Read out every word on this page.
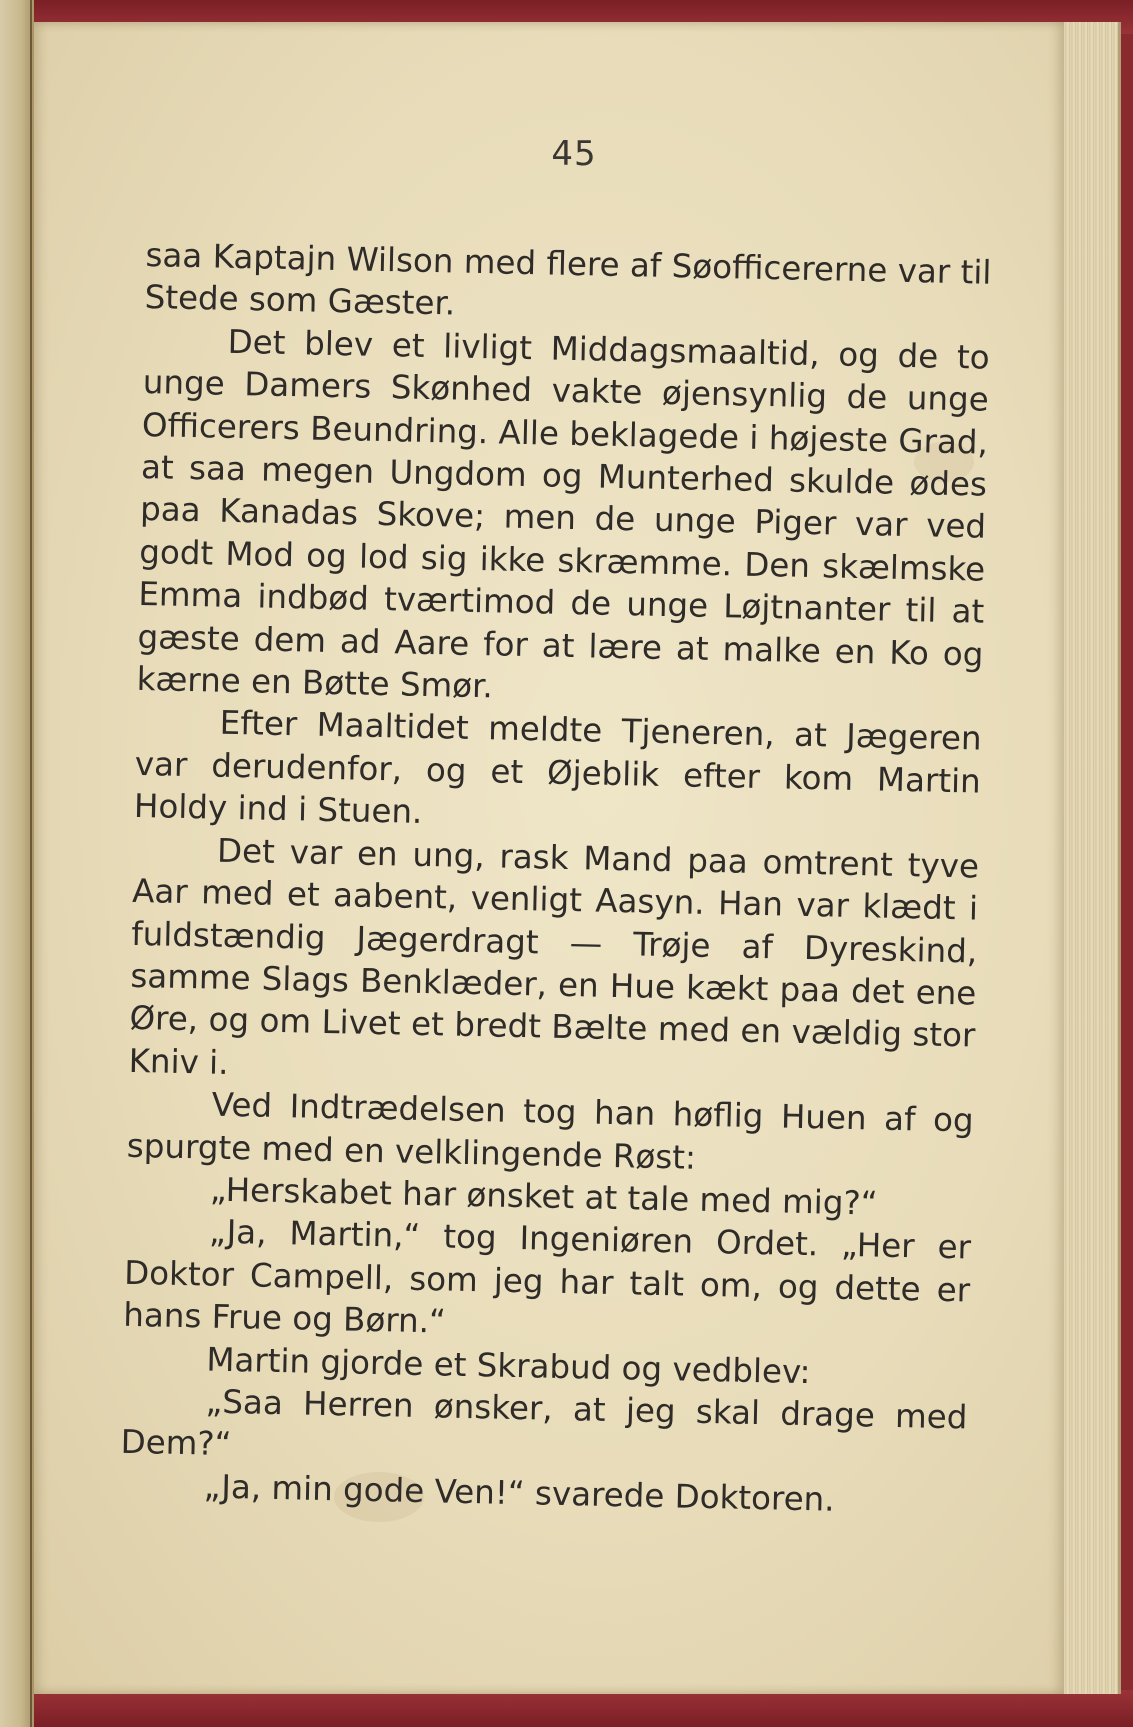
45

saa Kaptajn Wilson med flere af Søofficererne var til Stede som Gæster.

Det blev et livligt Middagsmaaltid, og de to unge Damers Skønhed vakte øjensynlig de unge Officerers Beundring. Alle beklagede i højeste Grad, at saa megen Ungdom og Munterhed skulde ødes paa Kanadas Skove; men de unge Piger var ved godt Mod og lod sig ikke skræmme. Den skælmske Emma indbød tværtimod de unge Løjtnanter til at gæste dem ad Aare for at lære at malke en Ko og kærne en Bøtte Smør.

Efter Maaltidet meldte Tjeneren, at Jægeren var derudenfor, og et Øjeblik efter kom Martin Holdy ind i Stuen.

Det var en ung, rask Mand paa omtrent tyve Aar med et aabent, venligt Aasyn. Han var klædt i fuldstændig Jægerdragt — Trøje af Dyreskind, samme Slags Benklæder, en Hue kækt paa det ene Øre, og om Livet et bredt Bælte med en vældig stor Kniv i.

Ved Indtrædelsen tog han høflig Huen af og spurgte med en velklingende Røst:

„Herskabet har ønsket at tale med mig?“

„Ja, Martin,“ tog Ingeniøren Ordet. „Her er Doktor Campell, som jeg har talt om, og dette er hans Frue og Børn.“

Martin gjorde et Skrabud og vedblev:

„Saa Herren ønsker, at jeg skal drage med Dem?“

„Ja, min gode Ven!“ svarede Doktoren.
